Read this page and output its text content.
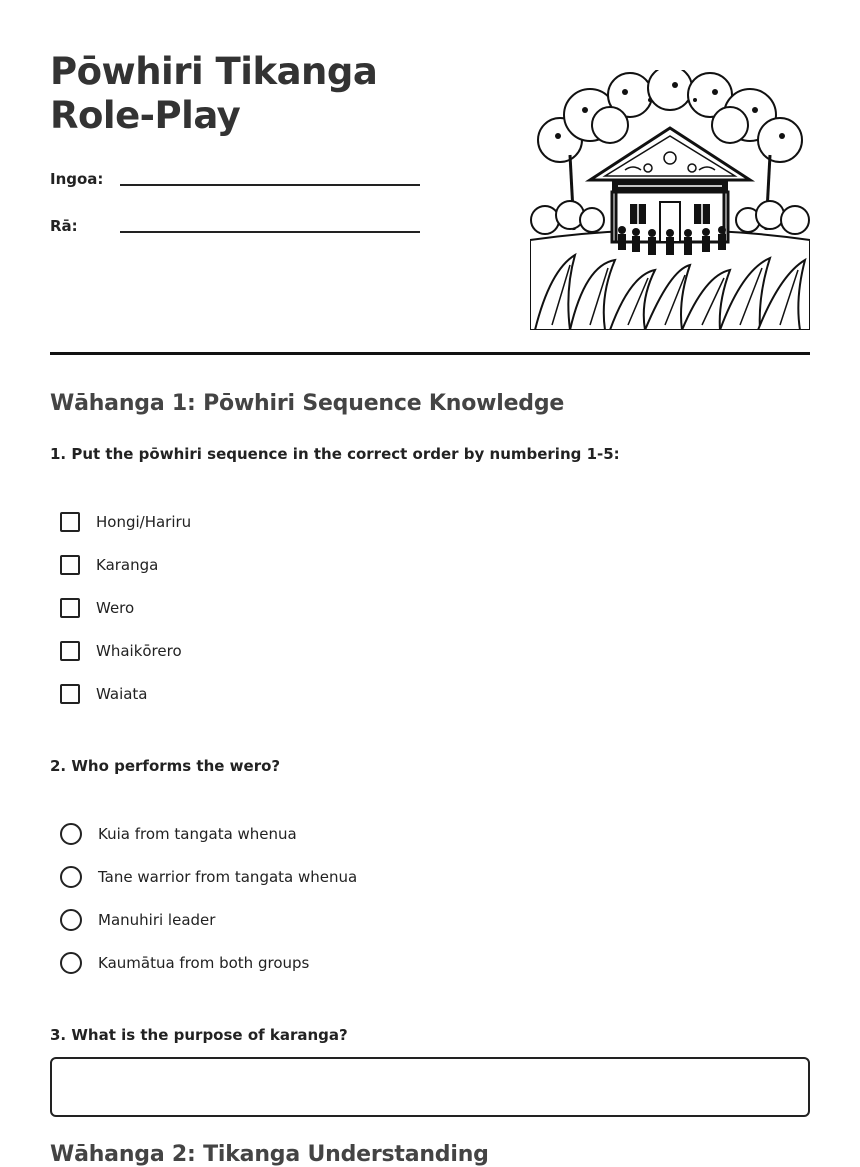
Pōwhiri Tikanga Role-Play
Ingoa:
Rā:
Wāhanga 1: Pōwhiri Sequence Knowledge

1. Put the pōwhiri sequence in the correct order by numbering 1-5:

Hongi/Hariru
Karanga
Wero
Whaikōrero
Waiata

2. Who performs the wero?

Kuia from tangata whenua
Tane warrior from tangata whenua
Manuhiri leader
Kaumātua from both groups

3. What is the purpose of karanga?

Wāhanga 2: Tikanga Understanding
